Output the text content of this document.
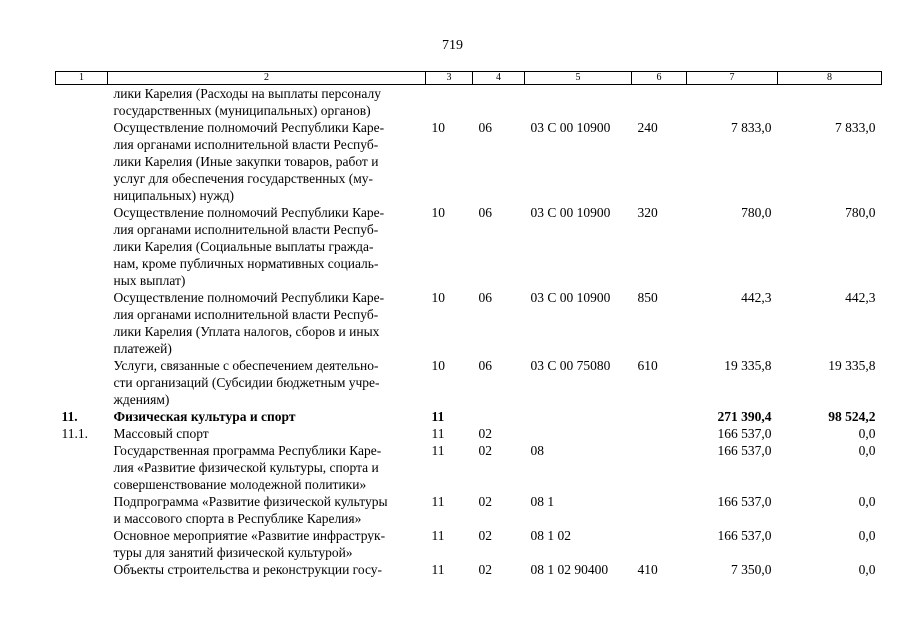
719
1	2	3	4	5	6	7	8
	лики Карелия (Расходы на выплаты персоналу
государственных (муниципальных) органов)						
	Осуществление полномочий Республики Каре-
лия органами исполнительной власти Респуб-
лики Карелия (Иные закупки товаров, работ и
услуг для обеспечения государственных (му-
ниципальных) нужд)	10	06	03 С 00 10900	240	7 833,0	7 833,0
	Осуществление полномочий Республики Каре-
лия органами исполнительной власти Респуб-
лики Карелия (Социальные выплаты гражда-
нам, кроме публичных нормативных социаль-
ных выплат)	10	06	03 С 00 10900	320	780,0	780,0
	Осуществление полномочий Республики Каре-
лия органами исполнительной власти Респуб-
лики Карелия (Уплата налогов, сборов и иных
платежей)	10	06	03 С 00 10900	850	442,3	442,3
	Услуги, связанные с обеспечением деятельно-
сти организаций (Субсидии бюджетным учре-
ждениям)	10	06	03 С 00 75080	610	19 335,8	19 335,8
11.	Физическая культура и спорт	11				271 390,4	98 524,2
11.1.	Массовый спорт	11	02			166 537,0	0,0
	Государственная программа Республики Каре-
лия «Развитие физической культуры, спорта и
совершенствование молодежной политики»	11	02	08		166 537,0	0,0
	Подпрограмма «Развитие физической культуры
и массового спорта в Республике Карелия»	11	02	08 1		166 537,0	0,0
	Основное мероприятие «Развитие инфраструк-
туры для занятий физической культурой»	11	02	08 1 02		166 537,0	0,0
	Объекты строительства и реконструкции госу-	11	02	08 1 02 90400	410	7 350,0	0,0
